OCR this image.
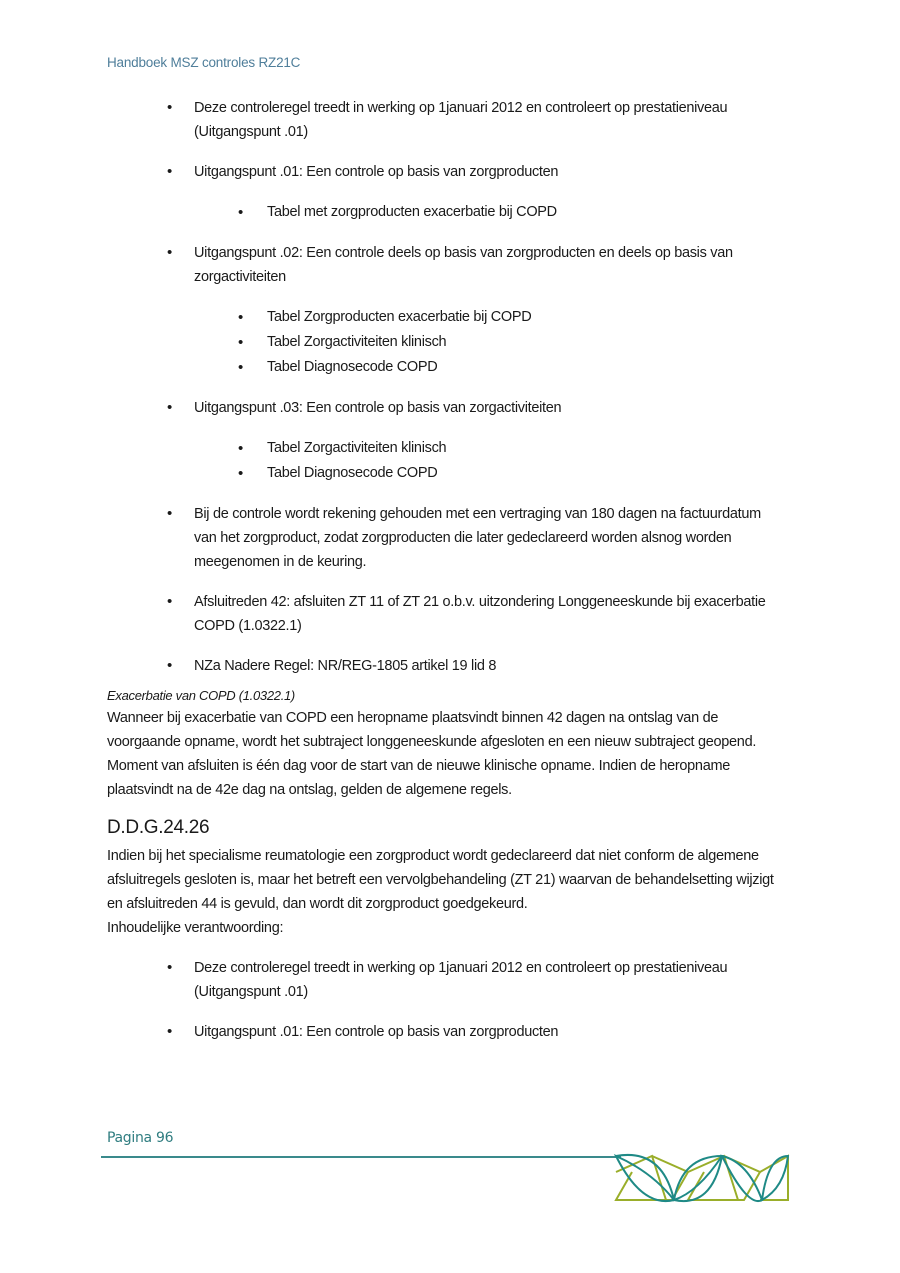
Handboek MSZ controles RZ21C
• Deze controleregel treedt in werking op 1januari 2012 en controleert op prestatieniveau (Uitgangspunt .01)
• Uitgangspunt .01: Een controle op basis van zorgproducten
• Tabel met zorgproducten exacerbatie bij COPD
• Uitgangspunt .02: Een controle deels op basis van zorgproducten en deels op basis van zorgactiviteiten
• Tabel Zorgproducten exacerbatie bij COPD
• Tabel Zorgactiviteiten klinisch
• Tabel Diagnosecode COPD
• Uitgangspunt .03: Een controle op basis van zorgactiviteiten
• Tabel Zorgactiviteiten klinisch
• Tabel Diagnosecode COPD
• Bij de controle wordt rekening gehouden met een vertraging van 180 dagen na factuurdatum van het zorgproduct, zodat zorgproducten die later gedeclareerd worden alsnog worden meegenomen in de keuring.
• Afsluitreden 42: afsluiten ZT 11 of ZT 21 o.b.v. uitzondering Longgeneeskunde bij exacerbatie COPD (1.0322.1)
• NZa Nadere Regel: NR/REG-1805 artikel 19 lid 8
Exacerbatie van COPD (1.0322.1)

Wanneer bij exacerbatie van COPD een heropname plaatsvindt binnen 42 dagen na ontslag van de voorgaande opname, wordt het subtraject longgeneeskunde afgesloten en een nieuw subtraject geopend. Moment van afsluiten is één dag voor de start van de nieuwe klinische opname. Indien de heropname plaatsvindt na de 42e dag na ontslag, gelden de algemene regels.

D.D.G.24.26

Indien bij het specialisme reumatologie een zorgproduct wordt gedeclareerd dat niet conform de algemene afsluitregels gesloten is, maar het betreft een vervolgbehandeling (ZT 21) waarvan de behandelsetting wijzigt en afsluitreden 44 is gevuld, dan wordt dit zorgproduct goedgekeurd.

Inhoudelijke verantwoording:

• Deze controleregel treedt in werking op 1januari 2012 en controleert op prestatieniveau (Uitgangspunt .01)
• Uitgangspunt .01: Een controle op basis van zorgproducten
Pagina 96
